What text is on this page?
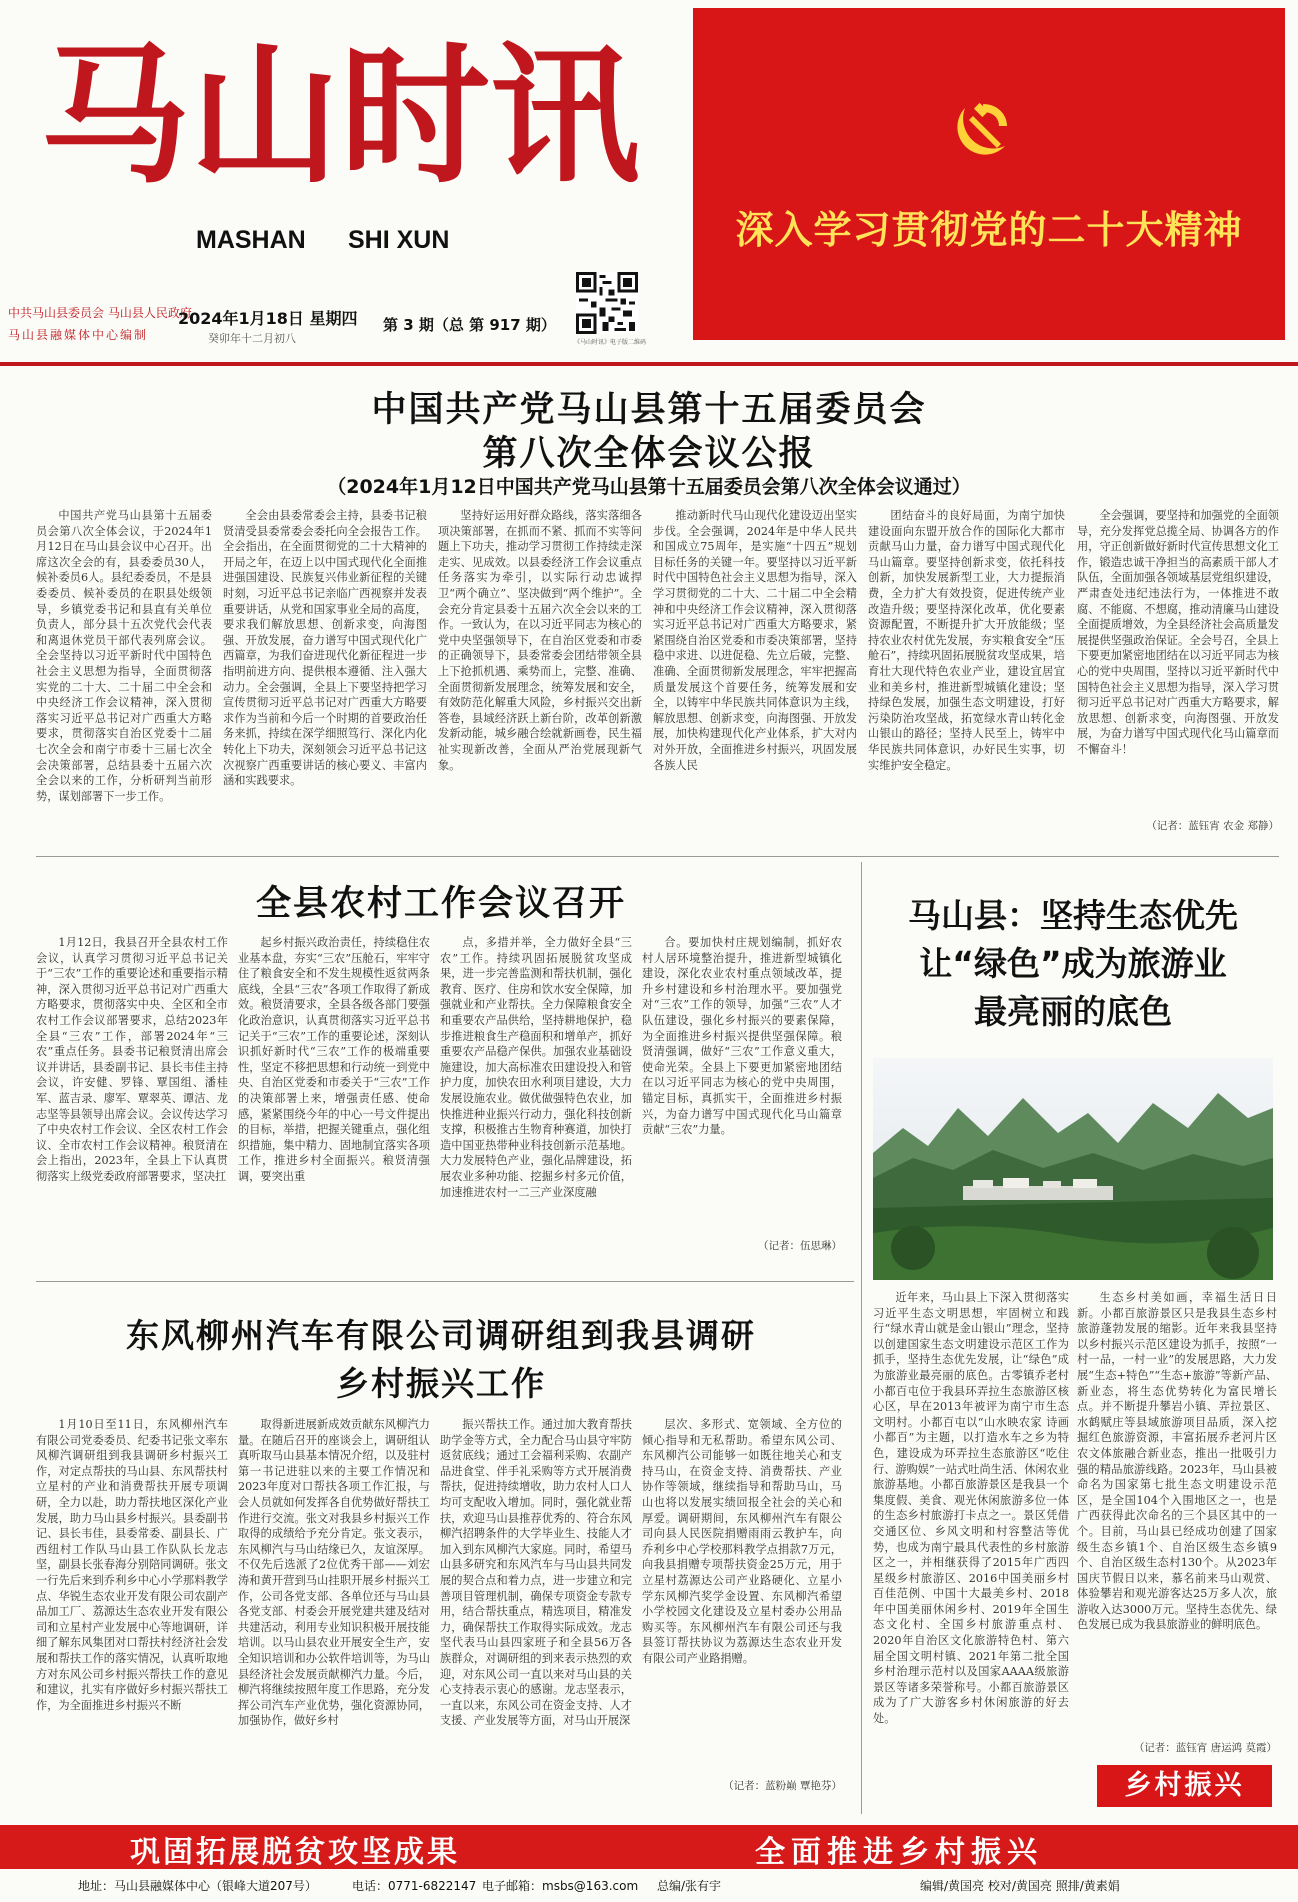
马山时讯
MASHAN SHI XUN	深入学习贯彻党的二十大精神
中共马山县委员会 马山县人民政府
马山县融媒体中心编制
2024年1月18日 星期四
癸卯年十二月初八
第 3 期（总 第 917 期）
《马山时讯》电子版二维码
中国共产党马山县第十五届委员会
第八次全体会议公报
（2024年1月12日中国共产党马山县第十五届委员会第八次全体会议通过）

中国共产党马山县第十五届委员会第八次全体会议，于2024年1月12日在马山县会议中心召开。出席这次全会的有，县委委员30人，候补委员6人。县纪委委员，不是县委委员、候补委员的在职县处级领导，乡镇党委书记和县直有关单位负责人，部分县十五次党代会代表和离退休党员干部代表列席会议。全会坚持以习近平新时代中国特色社会主义思想为指导，全面贯彻落实党的二十大、二十届二中全会和中央经济工作会议精神，深入贯彻落实习近平总书记对广西重大方略要求，贯彻落实自治区党委十二届七次全会和南宁市委十三届七次全会决策部署，总结县委十五届六次全会以来的工作，分析研判当前形势，谋划部署下一步工作。

全会由县委常委会主持，县委书记稂贤清受县委常委会委托向全会报告工作。全会指出，在全面贯彻党的二十大精神的开局之年，在迈上以中国式现代化全面推进强国建设、民族复兴伟业新征程的关键时刻，习近平总书记亲临广西视察并发表重要讲话，从党和国家事业全局的高度，要求我们解放思想、创新求变，向海图强、开放发展，奋力谱写中国式现代化广西篇章，为我们奋进现代化新征程进一步指明前进方向、提供根本遵循、注入强大动力。全会强调，全县上下要坚持把学习宣传贯彻习近平总书记对广西重大方略要求作为当前和今后一个时期的首要政治任务来抓，持续在深学细照笃行、深化内化转化上下功夫，深刻领会习近平总书记这次视察广西重要讲话的核心要义、丰富内涵和实践要求。

坚持好运用好群众路线，落实落细各项决策部署，在抓而不紧、抓而不实等问题上下功夫，推动学习贯彻工作持续走深走实、见成效。以县委经济工作会议重点任务落实为牵引，以实际行动忠诚捍卫“两个确立”、坚决做到“两个维护”。全会充分肯定县委十五届六次全会以来的工作。一致认为，在以习近平同志为核心的党中央坚强领导下，在自治区党委和市委的正确领导下，县委常委会团结带领全县上下抢抓机遇、乘势而上，完整、准确、全面贯彻新发展理念，统筹发展和安全，有效防范化解重大风险，乡村振兴交出新答卷，县域经济跃上新台阶，改革创新激发新动能，城乡融合绘就新画卷，民生福祉实现新改善，全面从严治党展现新气象。

推动新时代马山现代化建设迈出坚实步伐。全会强调，2024年是中华人民共和国成立75周年，是实施“十四五”规划目标任务的关键一年。要坚持以习近平新时代中国特色社会主义思想为指导，深入学习贯彻党的二十大、二十届二中全会精神和中央经济工作会议精神，深入贯彻落实习近平总书记对广西重大方略要求，紧紧围绕自治区党委和市委决策部署，坚持稳中求进、以进促稳、先立后破，完整、准确、全面贯彻新发展理念，牢牢把握高质量发展这个首要任务，统筹发展和安全，以铸牢中华民族共同体意识为主线，解放思想、创新求变，向海图强、开放发展，加快构建现代化产业体系，扩大对内对外开放，全面推进乡村振兴，巩固发展各族人民

团结奋斗的良好局面，为南宁加快建设面向东盟开放合作的国际化大都市贡献马山力量，奋力谱写中国式现代化马山篇章。要坚持创新求变，依托科技创新，加快发展新型工业，大力提振消费，全力扩大有效投资，促进传统产业改造升级；要坚持深化改革，优化要素资源配置，不断提升扩大开放能级；坚持农业农村优先发展，夯实粮食安全“压舱石”，持续巩固拓展脱贫攻坚成果，培育壮大现代特色农业产业，建设宜居宜业和美乡村，推进新型城镇化建设；坚持绿色发展，加强生态文明建设，打好污染防治攻坚战，拓宽绿水青山转化金山银山的路径；坚持人民至上，铸牢中华民族共同体意识，办好民生实事，切实维护安全稳定。

全会强调，要坚持和加强党的全面领导，充分发挥党总揽全局、协调各方的作用，守正创新做好新时代宣传思想文化工作，锻造忠诚干净担当的高素质干部人才队伍，全面加强各领域基层党组织建设，严肃查处违纪违法行为，一体推进不敢腐、不能腐、不想腐，推动清廉马山建设全面提质增效，为全县经济社会高质量发展提供坚强政治保证。全会号召，全县上下要更加紧密地团结在以习近平同志为核心的党中央周围，坚持以习近平新时代中国特色社会主义思想为指导，深入学习贯彻习近平总书记对广西重大方略要求，解放思想、创新求变，向海图强、开放发展，为奋力谱写中国式现代化马山篇章而不懈奋斗！

（记者：蓝钰宵 农金 郑静）
全县农村工作会议召开

1月12日，我县召开全县农村工作会议，认真学习贯彻习近平总书记关于“三农”工作的重要论述和重要指示精神，深入贯彻习近平总书记对广西重大方略要求，贯彻落实中央、全区和全市农村工作会议部署要求，总结2023年全县“三农”工作，部署2024年“三农”重点任务。县委书记稂贤清出席会议并讲话，县委副书记、县长韦佳主持会议，许安健、罗锋、覃国组、潘桂军、蓝吉录、廖军、覃翠英、谭洁、龙志坚等县领导出席会议。会议传达学习了中央农村工作会议、全区农村工作会议、全市农村工作会议精神。稂贤清在会上指出，2023年，全县上下认真贯彻落实上级党委政府部署要求，坚决扛

起乡村振兴政治责任，持续稳住农业基本盘，夯实“三农”压舱石，牢牢守住了粮食安全和不发生规模性返贫两条底线，全县“三农”各项工作取得了新成效。稂贤清要求，全县各级各部门要强化政治意识，认真贯彻落实习近平总书记关于“三农”工作的重要论述，深刻认识抓好新时代“三农”工作的极端重要性，坚定不移把思想和行动统一到党中央、自治区党委和市委关于“三农”工作的决策部署上来，增强责任感、使命感，紧紧围绕今年的中心一号文件提出的目标，举措，把握关键重点，强化组织措施，集中精力、固地制宜落实各项工作，推进乡村全面振兴。稂贤清强调，要突出重

点，多措并举，全力做好全县“三农”工作。持续巩固拓展脱贫攻坚成果，进一步完善监测和帮扶机制，强化教育、医疗、住房和饮水安全保障，加强就业和产业帮扶。全力保障粮食安全和重要农产品供给，坚持耕地保护，稳步推进粮食生产稳面积和增单产，抓好重要农产品稳产保供。加强农业基础设施建设，加大高标准农田建设投入和管护力度，加快农田水利项目建设，大力发展设施农业。做优做强特色农业，加快推进种业振兴行动力，强化科技创新支撑，积极推古生物育种赛道，加快打造中国亚热带种业科技创新示范基地。大力发展特色产业，强化品牌建设，拓展农业多种功能、挖掘乡村多元价值，加速推进农村一二三产业深度融

合。要加快村庄规划编制，抓好农村人居环境整治提升，推进新型城镇化建设，深化农业农村重点领域改革，提升乡村建设和乡村治理水平。要加强党对“三农”工作的领导，加强“三农”人才队伍建设，强化乡村振兴的要素保障，为全面推进乡村振兴提供坚强保障。稂贤清强调，做好“三农”工作意义重大，使命光荣。全县上下要更加紧密地团结在以习近平同志为核心的党中央周围，锚定目标，真抓实干，全面推进乡村振兴，为奋力谱写中国式现代化马山篇章贡献“三农”力量。

（记者：伍思琳）
马山县：坚持生态优先
让“绿色”成为旅游业
最亮丽的底色

近年来，马山县上下深入贯彻落实习近平生态文明思想，牢固树立和践行“绿水青山就是金山银山”理念，坚持以创建国家生态文明建设示范区工作为抓手，坚持生态优先发展，让“绿色”成为旅游业最亮丽的底色。古零镇乔老村小都百屯位于我县环弄拉生态旅游区核心区，早在2013年被评为南宁市生态文明村。小都百屯以“山水映农家 诗画小都百”为主题，以打造水车之乡为特色，建设成为环弄拉生态旅游区“吃住行、游购娱”一站式吐尚生活、休闲农业旅游基地。小都百旅游景区是我县一个集度假、美食、观光休闲旅游多位一体的生态乡村旅游打卡点之一。景区凭借交通区位、乡风文明和村容整洁等优势，也成为南宁最具代表性的乡村旅游区之一，并相继获得了2015年广西四星级乡村旅游区、2016中国美丽乡村百佳范例、中国十大最美乡村、2018年中国美丽休闲乡村、2019年全国生态文化村、全国乡村旅游重点村、2020年自治区文化旅游特色村、第六届全国文明村镇、2021年第二批全国乡村治理示范村以及国家AAAA级旅游景区等诸多荣誉称号。小都百旅游景区成为了广大游客乡村休闲旅游的好去处。

生态乡村美如画，幸福生活日日新。小都百旅游景区只是我县生态乡村旅游蓬勃发展的缩影。近年来我县坚持以乡村振兴示范区建设为抓手，按照“一村一品，一村一业”的发展思路，大力发展“生态+特色”“生态+旅游”等新产品、新业态，将生态优势转化为富民增长点。并不断提升攀岩小镇、弄拉景区、水鹤赋庄等县域旅游项目品质，深入挖掘红色旅游资源，丰富拓展乔老河片区农文体旅融合新业态，推出一批吸引力强的精品旅游线路。2023年，马山县被命名为国家第七批生态文明建设示范区，是全国104个入围地区之一，也是广西获得此次命名的三个县区其中的一个。目前，马山县已经成功创建了国家级生态乡镇1个、自治区级生态乡镇9个、自治区级生态村130个。从2023年国庆节假日以来，慕名前来马山观赏、体验攀岩和观光游客达25万多人次，旅游收入达3000万元。坚持生态优先、绿色发展已成为我县旅游业的鲜明底色。

（记者：蓝钰宵 唐运鸿 莫霞）
乡村振兴
东风柳州汽车有限公司调研组到我县调研
乡村振兴工作

1月10日至11日，东风柳州汽车有限公司党委委员、纪委书记张文率东风柳汽调研组到我县调研乡村振兴工作，对定点帮扶的马山县、东风帮扶村立星村的产业和消费帮扶开展专项调研，全力以赴，助力帮扶地区深化产业发展，助力马山县乡村振兴。县委副书记、县长韦佳，县委常委、副县长、广西纽村工作队马山县工作队队长龙志坚，副县长张春海分别陪同调研。张文一行先后来到乔利乡中心小学那料教学点、华锐生态农业开发有限公司农副产品加工厂、荔源达生态农业开发有限公司和立星村产业发展中心等地调研，详细了解东风集团对口帮扶村经济社会发展和帮扶工作的落实情况，认真听取地方对东风公司乡村振兴帮扶工作的意见和建议，扎实有序做好乡村振兴帮扶工作，为全面推进乡村振兴不断

取得新进展新成效贡献东风柳汽力量。在随后召开的座谈会上，调研组认真听取马山县基本情况介绍，以及驻村第一书记进驻以来的主要工作情况和2023年度对口帮扶各项工作汇报，与会人员就如何发挥各自优势做好帮扶工作进行交流。张文对我县乡村振兴工作取得的成绩给予充分肯定。张文表示，东风柳汽与马山结缘已久，友谊深厚。不仅先后选派了2位优秀干部——刘宏涛和黄开营到马山挂职开展乡村振兴工作，公司各党支部、各单位还与马山县各党支部、村委会开展党建共建及结对共建活动，利用专业知识积极开展技能培训。以马山县农业开展安全生产，安全知识培训和办公软件培训等，为马山县经济社会发展贡献柳汽力量。今后，柳汽将继续按照年度工作思路，充分发挥公司汽车产业优势，强化资源协同，加强协作，做好乡村

振兴帮扶工作。通过加大教育帮扶助学金等方式，全力配合马山县守牢防返贫底线；通过工会福利采购、农副产品进食堂、伴手礼采购等方式开展消费帮扶，促进持续增收，助力农村人口人均可支配收入增加。同时，强化就业帮扶，欢迎马山县推荐优秀的、符合东风柳汽招聘条件的大学毕业生、技能人才加入到东风柳汽大家庭。同时，希望马山县多研究和东风汽车与马山县共同发展的契合点和着力点，进一步建立和完善项目管理机制，确保专项资金专款专用，结合帮扶重点，精选项目，精准发力，确保帮扶工作取得实际成效。龙志坚代表马山县四家班子和全县56万各族群众，对调研组的到来表示热烈的欢迎，对东风公司一直以来对马山县的关心支持表示衷心的感谢。龙志坚表示，一直以来，东风公司在资金支持、人才支援、产业发展等方面，对马山开展深

层次、多形式、宽领域、全方位的倾心指导和无私帮助。希望东风公司、东风柳汽公司能够一如既往地关心和支持马山，在资金支持、消费帮扶、产业协作等领域，继续指导和帮助马山，马山也将以发展实绩回报全社会的关心和厚爱。调研期间，东风柳州汽车有限公司向县人民医院捐赠雨雨云教护车，向乔利乡中心学校那料教学点捐款7万元，向我县捐赠专项帮扶资金25万元，用于立星村荔源达公司产业路硬化、立星小学东风柳汽奖学金设置、东风柳汽希望小学校园文化建设及立星村委办公用品购买等。东风柳州汽车有限公司还与我县签订帮扶协议为荔源达生态农业开发有限公司产业路捐赠。

（记者：蓝粉巅 覃艳芬）
巩固拓展脱贫攻坚成果	全面推进乡村振兴
地址：马山县融媒体中心（银峰大道207号）	电话：0771-6822147 电子邮箱：msbs@163.com 总编/张有宇	编辑/黄国亮 校对/黄国亮 照排/黄素娟
